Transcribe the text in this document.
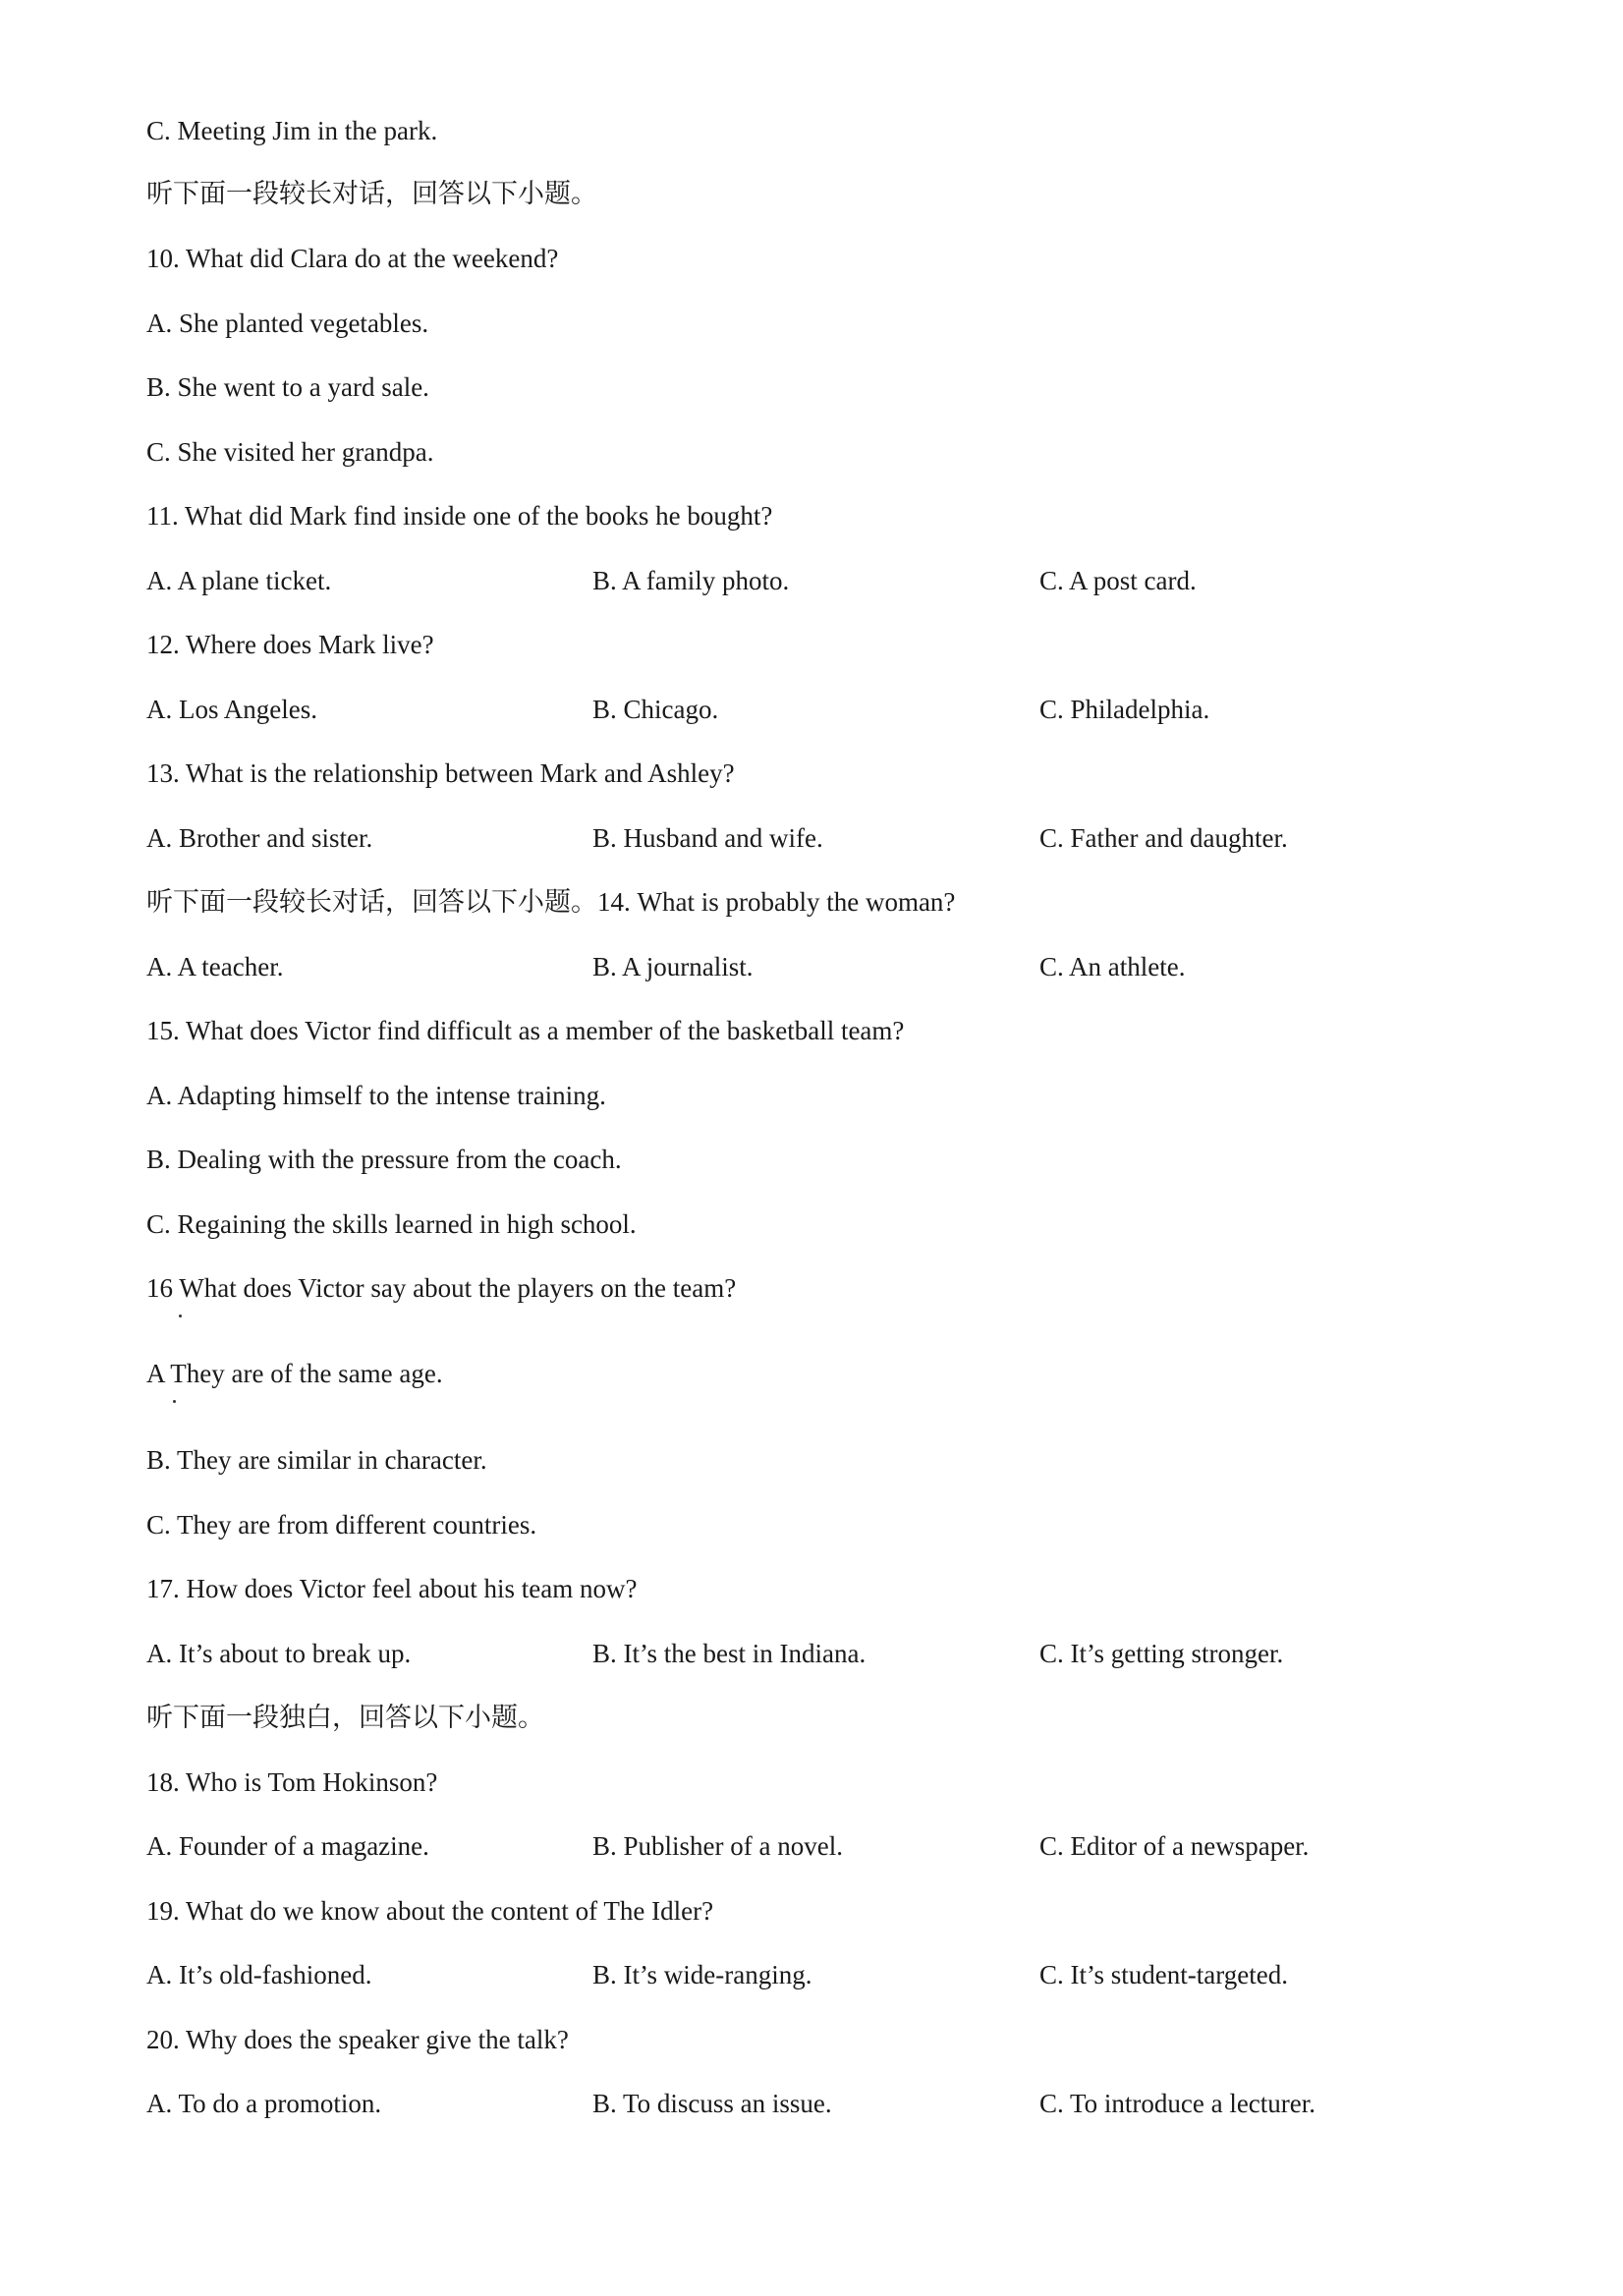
C. Meeting Jim in the park.
听下面一段较长对话，回答以下小题。
10. What did Clara do at the weekend?
A. She planted vegetables.
B. She went to a yard sale.
C. She visited her grandpa.
11. What did Mark find inside one of the books he bought?
A. A plane ticket.	B. A family photo.	C. A post card.
12. Where does Mark live?
A. Los Angeles.	B. Chicago.	C. Philadelphia.
13. What is the relationship between Mark and Ashley?
A. Brother and sister.	B. Husband and wife.	C. Father and daughter.
听下面一段较长对话，回答以下小题。14. What is probably the woman?
A. A teacher.	B. A journalist.	C. An athlete.
15. What does Victor find difficult as a member of the basketball team?
A. Adapting himself to the intense training.
B. Dealing with the pressure from the coach.
C. Regaining the skills learned in high school.
16 What does Victor say about the players on the team?
A They are of the same age.
B. They are similar in character.
C. They are from different countries.
17. How does Victor feel about his team now?
A. It’s about to break up.	B. It’s the best in Indiana.	C. It’s getting stronger.
听下面一段独白，回答以下小题。
18. Who is Tom Hokinson?
A. Founder of a magazine.	B. Publisher of a novel.	C. Editor of a newspaper.
19. What do we know about the content of The Idler?
A. It’s old-fashioned.	B. It’s wide-ranging.	C. It’s student-targeted.
20. Why does the speaker give the talk?
A. To do a promotion.	B. To discuss an issue.	C. To introduce a lecturer.
